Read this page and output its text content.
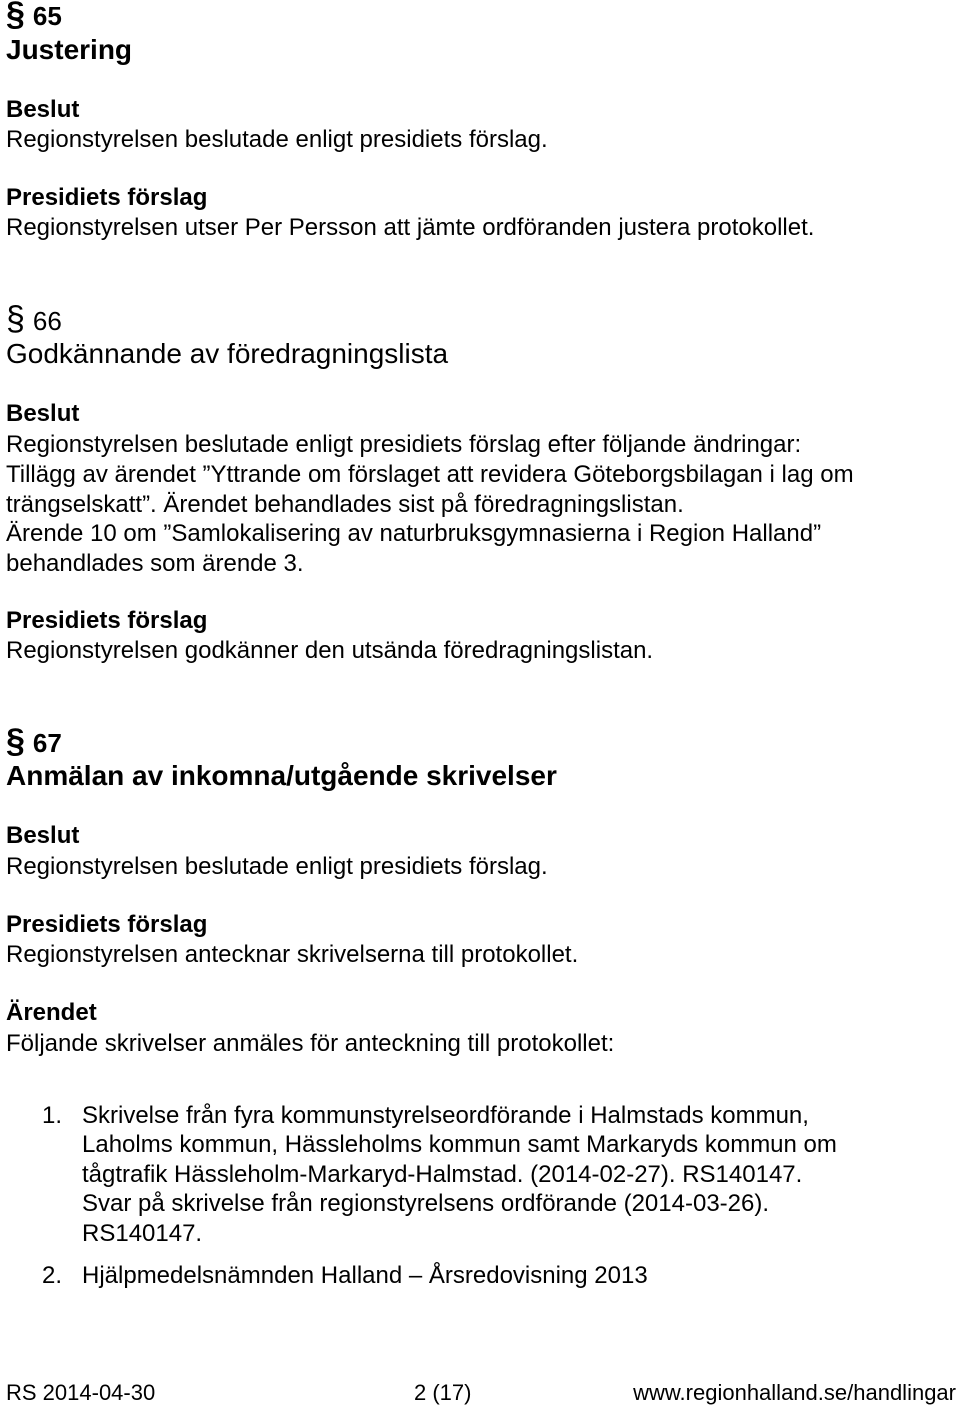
§ 65
Justering
Beslut
Regionstyrelsen beslutade enligt presidiets förslag.
Presidiets förslag
Regionstyrelsen utser Per Persson att jämte ordföranden justera protokollet.
§ 66
Godkännande av föredragningslista
Beslut
Regionstyrelsen beslutade enligt presidiets förslag efter följande ändringar:
Tillägg av ärendet ”Yttrande om förslaget att revidera Göteborgsbilagan i lag om
trängselskatt”. Ärendet behandlades sist på föredragningslistan.
Ärende 10 om ”Samlokalisering av naturbruksgymnasierna i Region Halland”
behandlades som ärende 3.
Presidiets förslag
Regionstyrelsen godkänner den utsända föredragningslistan.
§ 67
Anmälan av inkomna/utgående skrivelser
Beslut
Regionstyrelsen beslutade enligt presidiets förslag.
Presidiets förslag
Regionstyrelsen antecknar skrivelserna till protokollet.
Ärendet
Följande skrivelser anmäles för anteckning till protokollet:
1. Skrivelse från fyra kommunstyrelseordförande i Halmstads kommun,
Laholms kommun, Hässleholms kommun samt Markaryds kommun om
tågtrafik Hässleholm-Markaryd-Halmstad. (2014-02-27). RS140147.
Svar på skrivelse från regionstyrelsens ordförande (2014-03-26).
RS140147.
2. Hjälpmedelsnämnden Halland – Årsredovisning 2013
RS 2014-04-30	2 (17)	www.regionhalland.se/handlingar
